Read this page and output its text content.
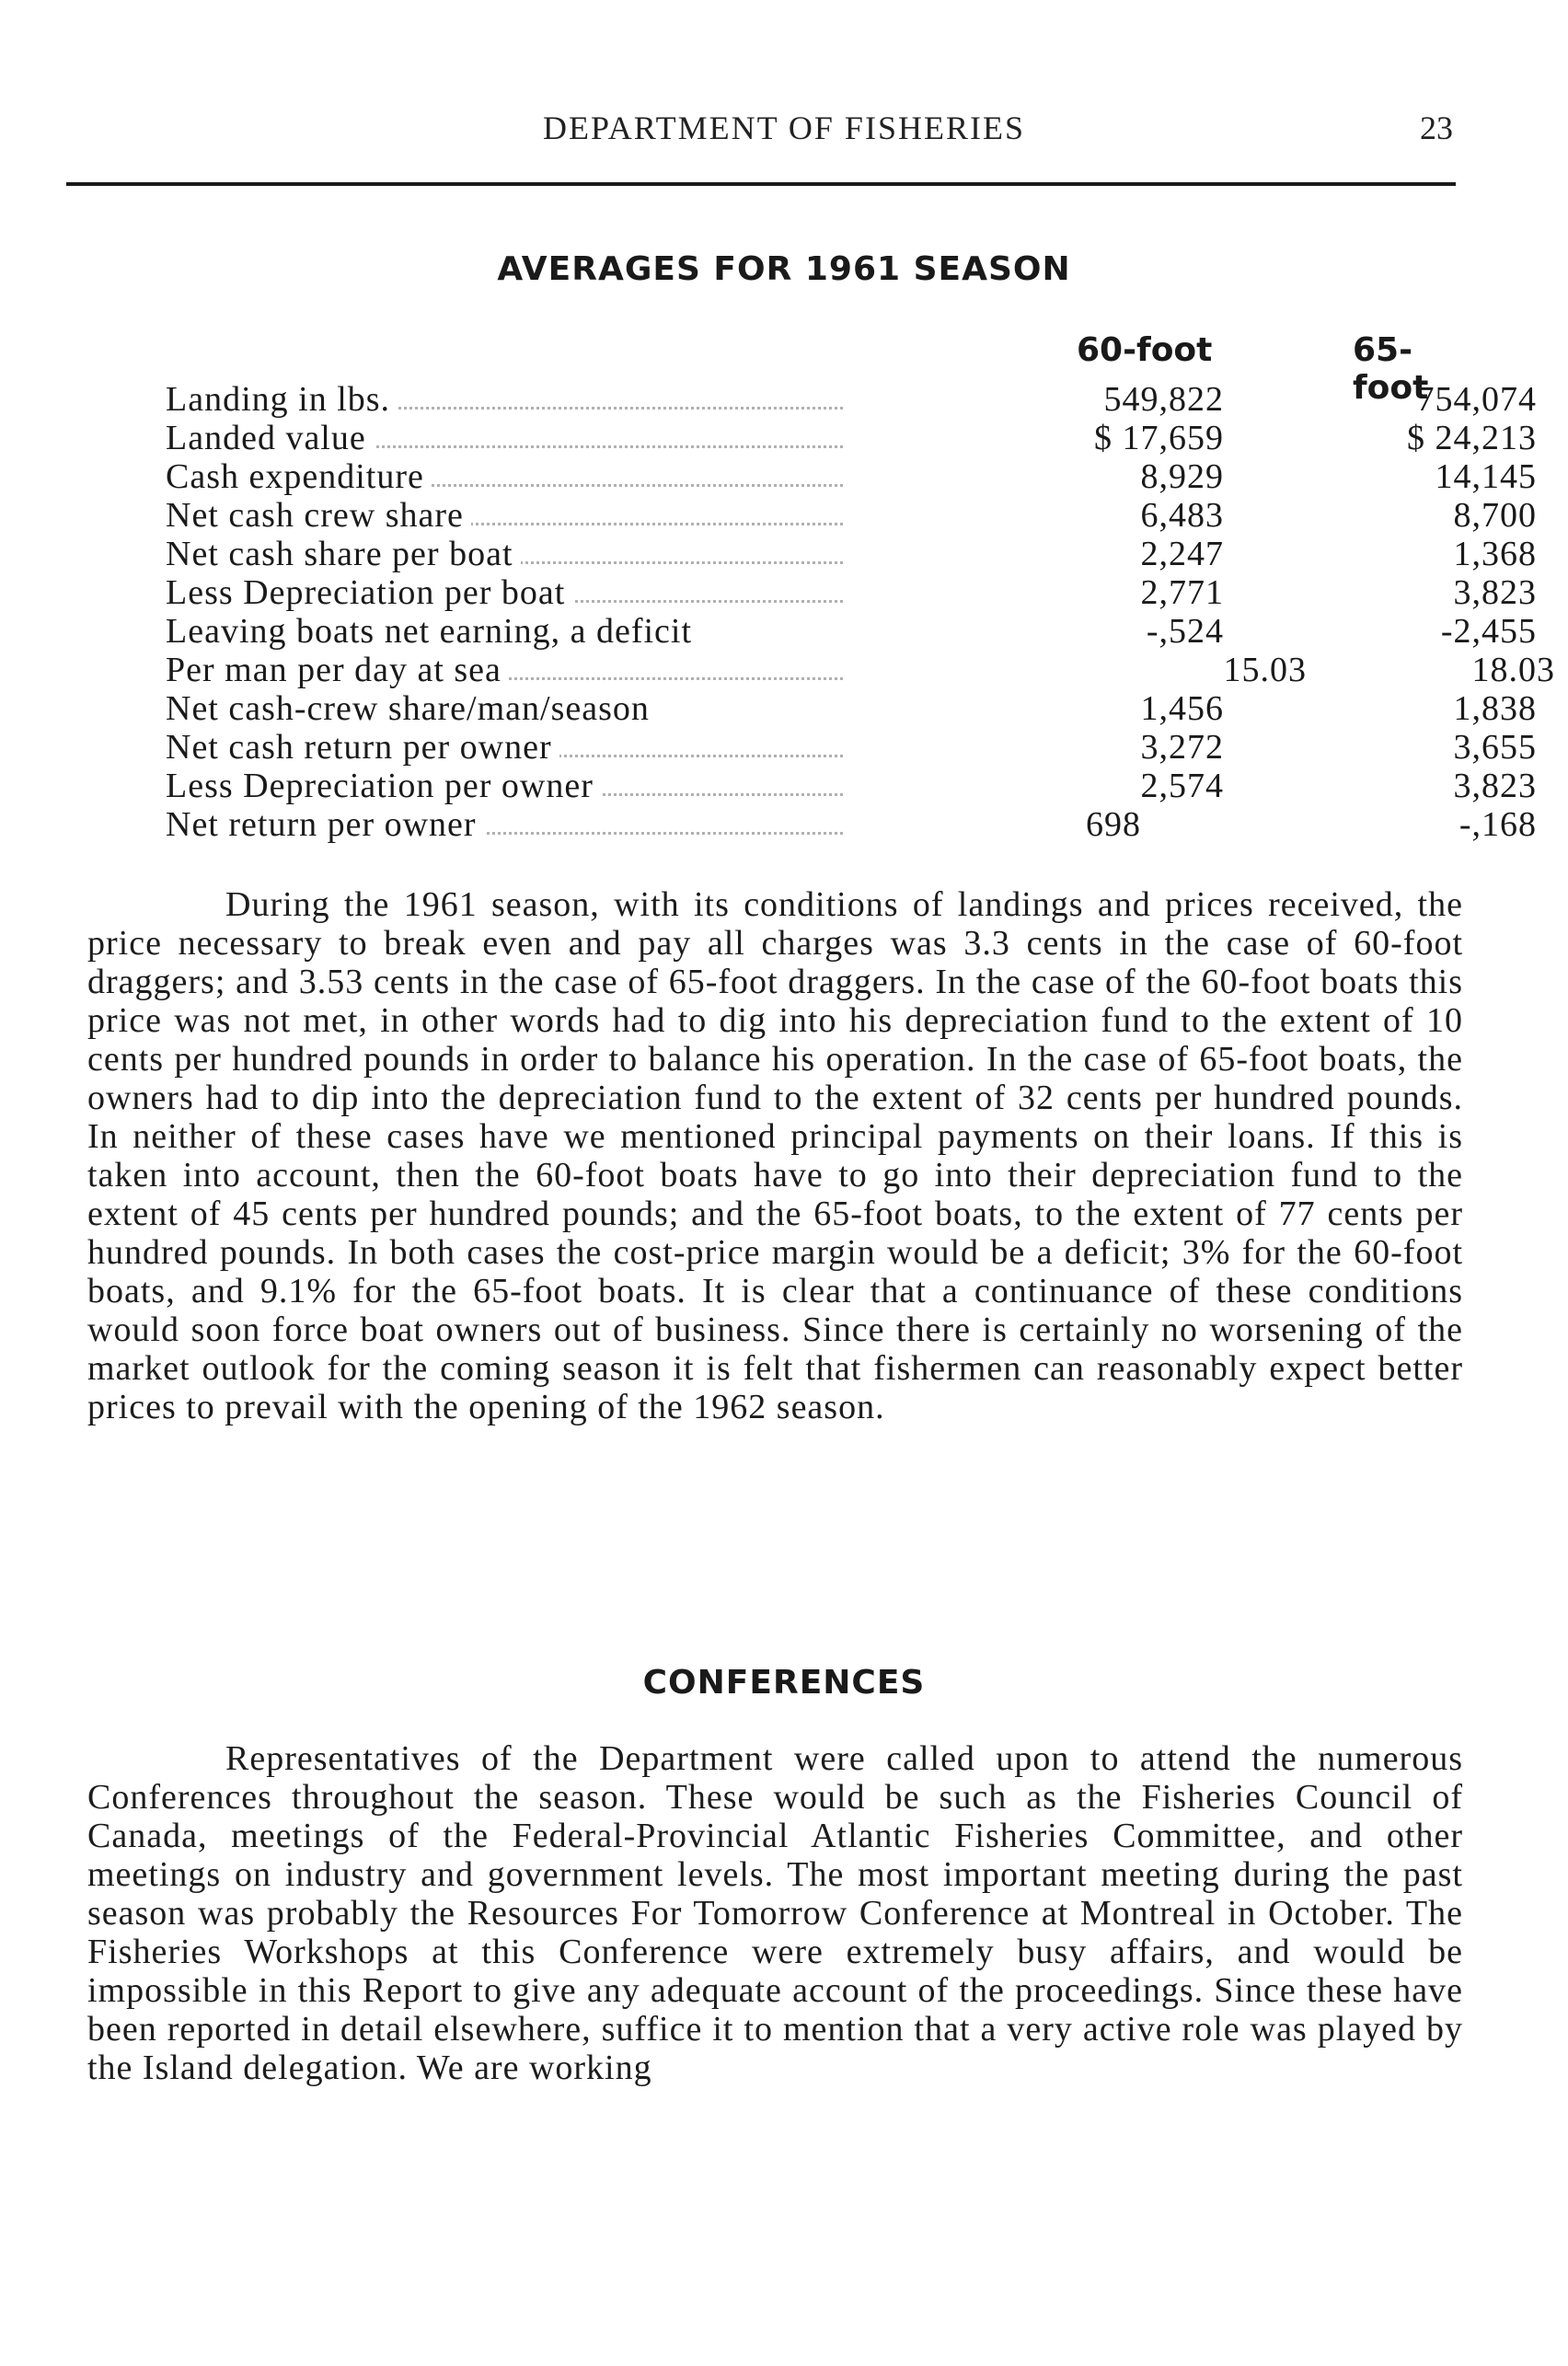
DEPARTMENT OF FISHERIES	23
AVERAGES FOR 1961 SEASON
60-foot	65-foot
Landing in lbs.	549,822	754,074
Landed value	$ 17,659	$ 24,213
Cash expenditure	8,929	14,145
Net cash crew share	6,483	8,700
Net cash share per boat	2,247	1,368
Less Depreciation per boat	2,771	3,823
Leaving boats net earning, a deficit	-,524	-2,455
Per man per day at sea	15.03	18.03
Net cash-crew share/man/season	1,456	1,838
Net cash return per owner	3,272	3,655
Less Depreciation per owner	2,574	3,823
Net return per owner	698	-,168

During the 1961 season, with its conditions of landings and prices received, the price necessary to break even and pay all charges was 3.3 cents in the case of 60-foot draggers; and 3.53 cents in the case of 65-foot draggers. In the case of the 60-foot boats this price was not met, in other words had to dig into his depreciation fund to the extent of 10 cents per hundred pounds in order to balance his operation. In the case of 65-foot boats, the owners had to dip into the depreciation fund to the extent of 32 cents per hundred pounds. In neither of these cases have we mentioned principal payments on their loans. If this is taken into account, then the 60-foot boats have to go into their depreciation fund to the extent of 45 cents per hundred pounds; and the 65-foot boats, to the extent of 77 cents per hundred pounds. In both cases the cost-price margin would be a deficit; 3% for the 60-foot boats, and 9.1% for the 65-foot boats. It is clear that a continuance of these conditions would soon force boat owners out of business. Since there is certainly no worsening of the market outlook for the coming season it is felt that fishermen can reasonably expect better prices to prevail with the opening of the 1962 season.

CONFERENCES

Representatives of the Department were called upon to attend the numerous Conferences throughout the season. These would be such as the Fisheries Council of Canada, meetings of the Federal-Provincial Atlantic Fisheries Committee, and other meetings on industry and government levels. The most important meeting during the past season was probably the Resources For Tomorrow Conference at Montreal in October. The Fisheries Workshops at this Conference were extremely busy affairs, and would be impossible in this Report to give any adequate account of the proceedings. Since these have been reported in detail elsewhere, suffice it to mention that a very active role was played by the Island delegation. We are working
